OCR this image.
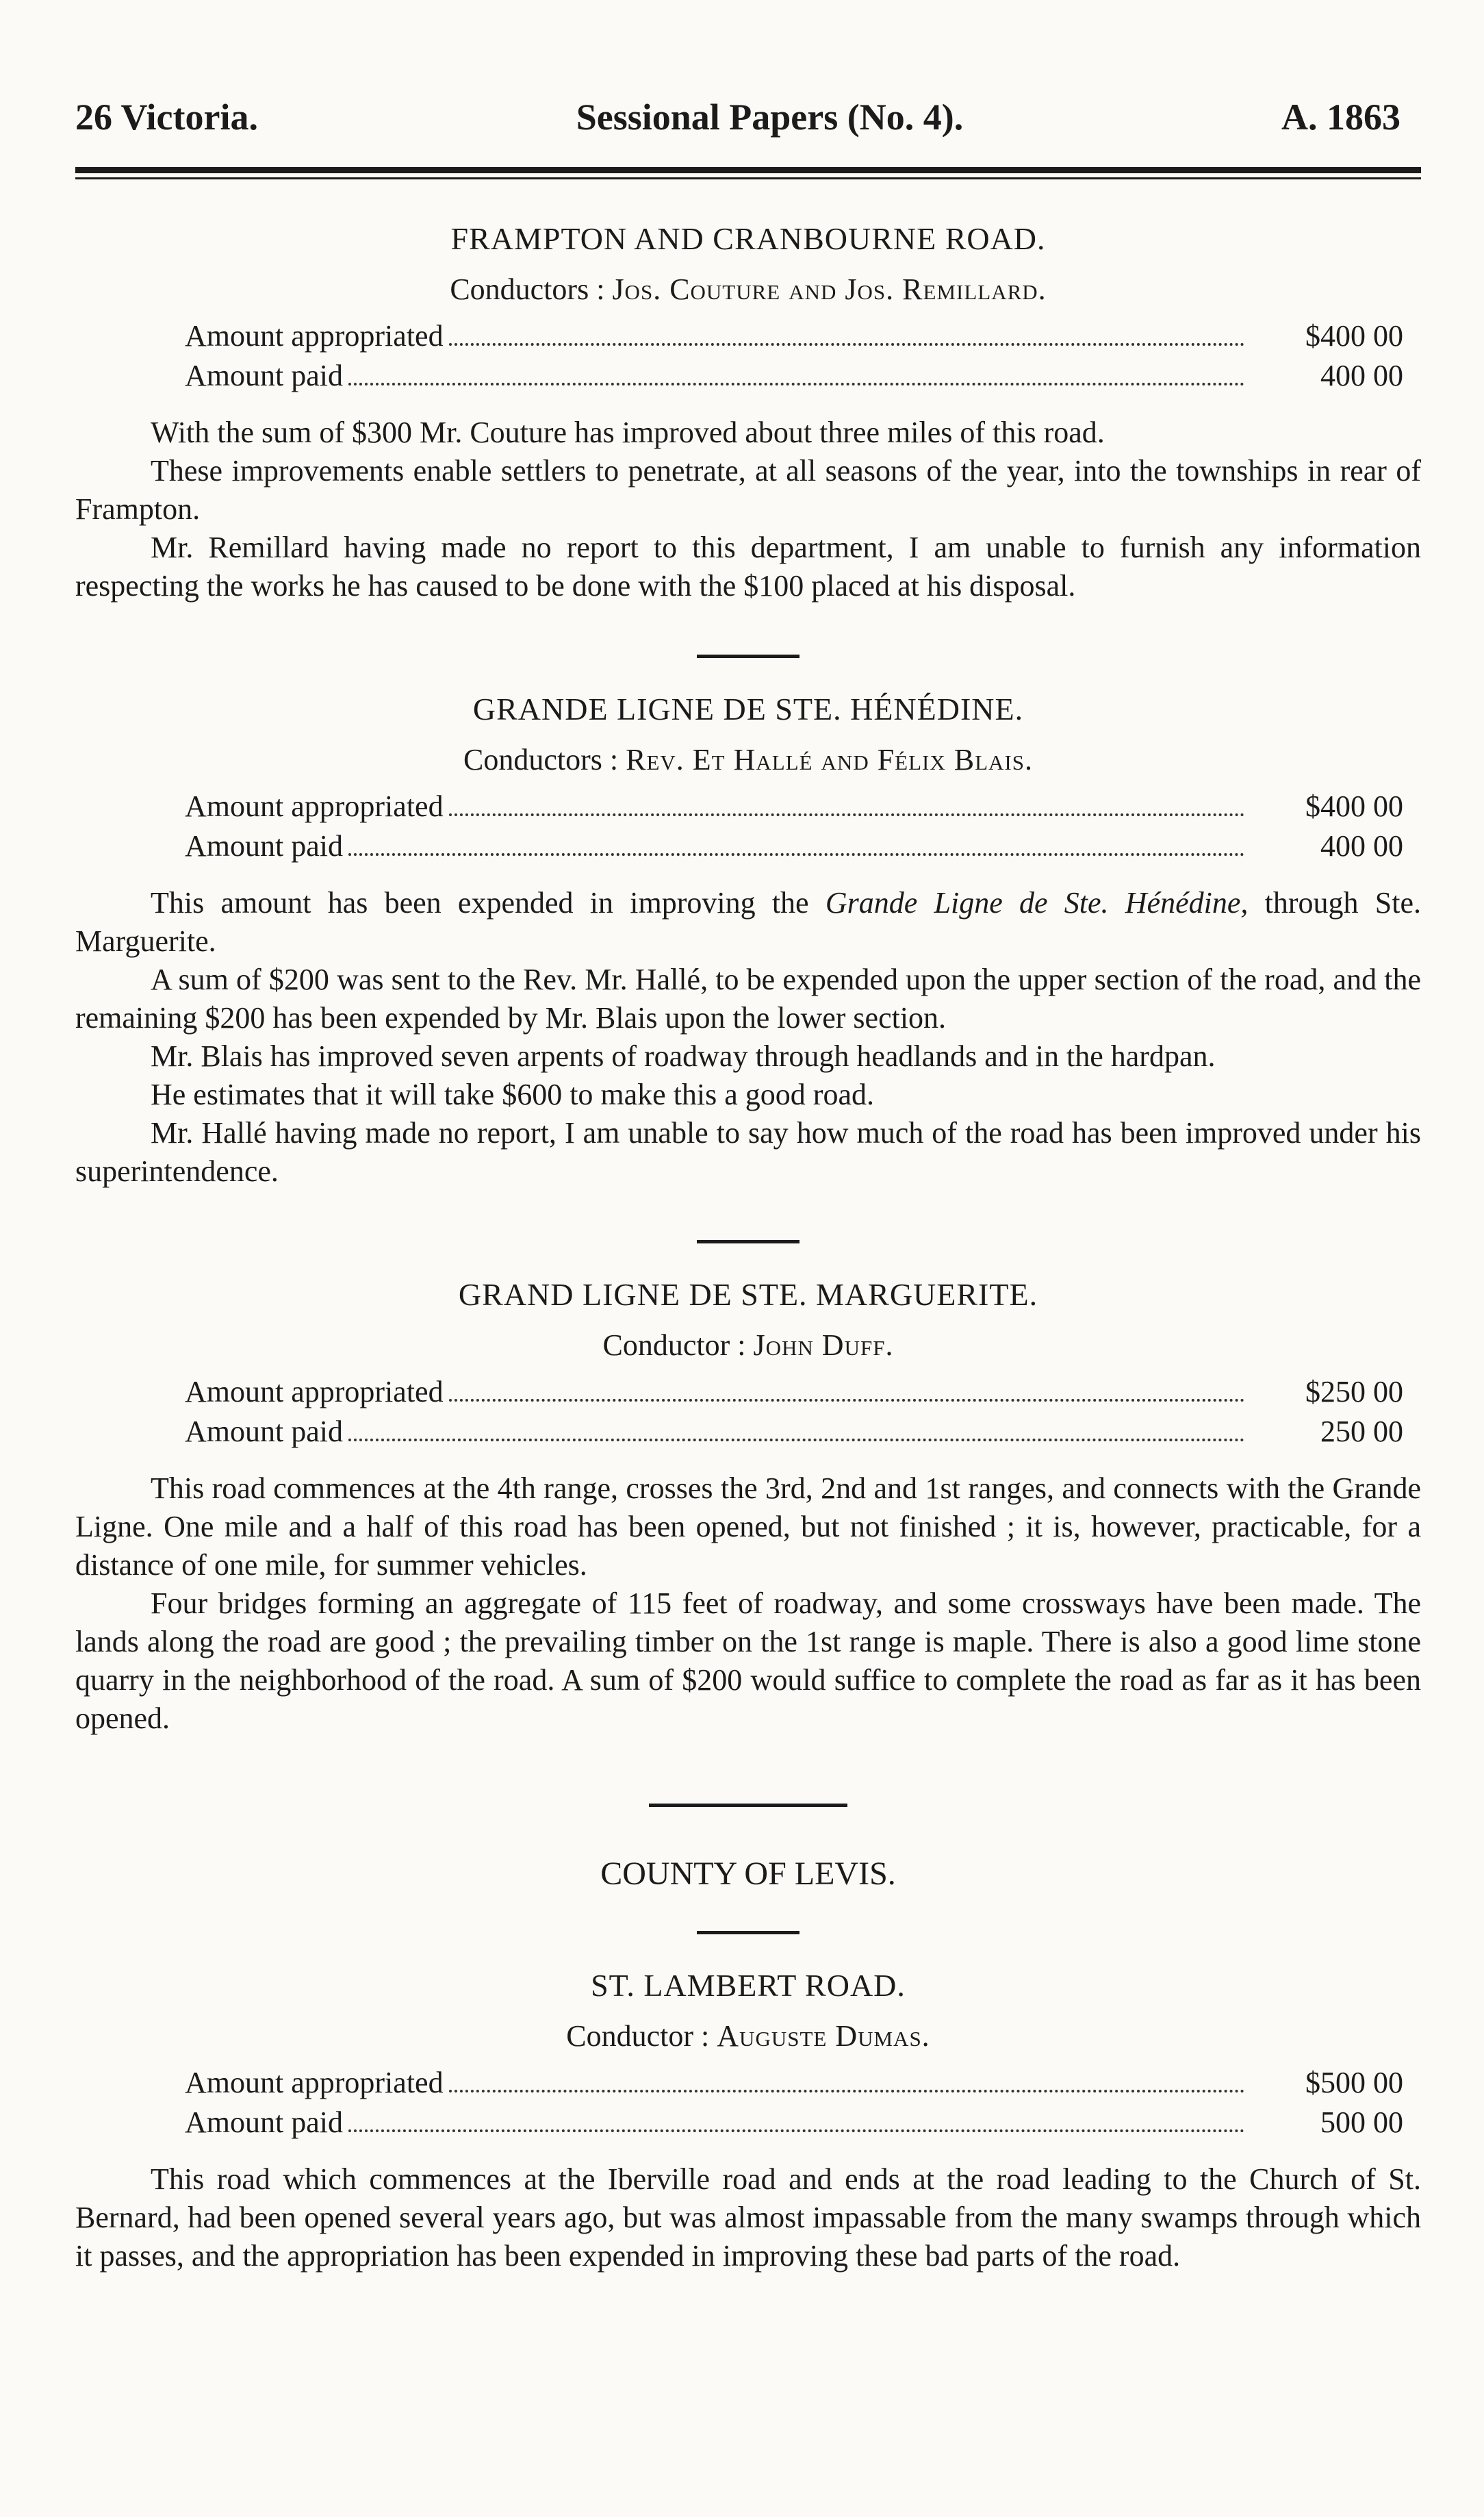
26 Victoria.	Sessional Papers (No. 4).	A. 1863
FRAMPTON AND CRANBOURNE ROAD.
Conductors : Jos. Couture and Jos. Remillard.
Amount appropriated	$400 00
Amount paid	400 00

With the sum of $300 Mr. Couture has improved about three miles of this road.

These improvements enable settlers to penetrate, at all seasons of the year, into the townships in rear of Frampton.

Mr. Remillard having made no report to this department, I am unable to furnish any information respecting the works he has caused to be done with the $100 placed at his disposal.

GRANDE LIGNE DE STE. HÉNÉDINE.
Conductors : Rev. Et Hallé and Félix Blais.
Amount appropriated	$400 00
Amount paid	400 00

This amount has been expended in improving the Grande Ligne de Ste. Hénédine, through Ste. Marguerite.

A sum of $200 was sent to the Rev. Mr. Hallé, to be expended upon the upper section of the road, and the remaining $200 has been expended by Mr. Blais upon the lower section.

Mr. Blais has improved seven arpents of roadway through headlands and in the hardpan.

He estimates that it will take $600 to make this a good road.

Mr. Hallé having made no report, I am unable to say how much of the road has been improved under his superintendence.

GRAND LIGNE DE STE. MARGUERITE.
Conductor : John Duff.
Amount appropriated	$250 00
Amount paid	250 00

This road commences at the 4th range, crosses the 3rd, 2nd and 1st ranges, and connects with the Grande Ligne. One mile and a half of this road has been opened, but not finished ; it is, however, practicable, for a distance of one mile, for summer vehicles.

Four bridges forming an aggregate of 115 feet of roadway, and some crossways have been made. The lands along the road are good ; the prevailing timber on the 1st range is maple. There is also a good lime stone quarry in the neighborhood of the road. A sum of $200 would suffice to complete the road as far as it has been opened.

COUNTY OF LEVIS.
ST. LAMBERT ROAD.
Conductor : Auguste Dumas.
Amount appropriated	$500 00
Amount paid	500 00

This road which commences at the Iberville road and ends at the road leading to the Church of St. Bernard, had been opened several years ago, but was almost impassable from the many swamps through which it passes, and the appropriation has been expended in improving these bad parts of the road.
